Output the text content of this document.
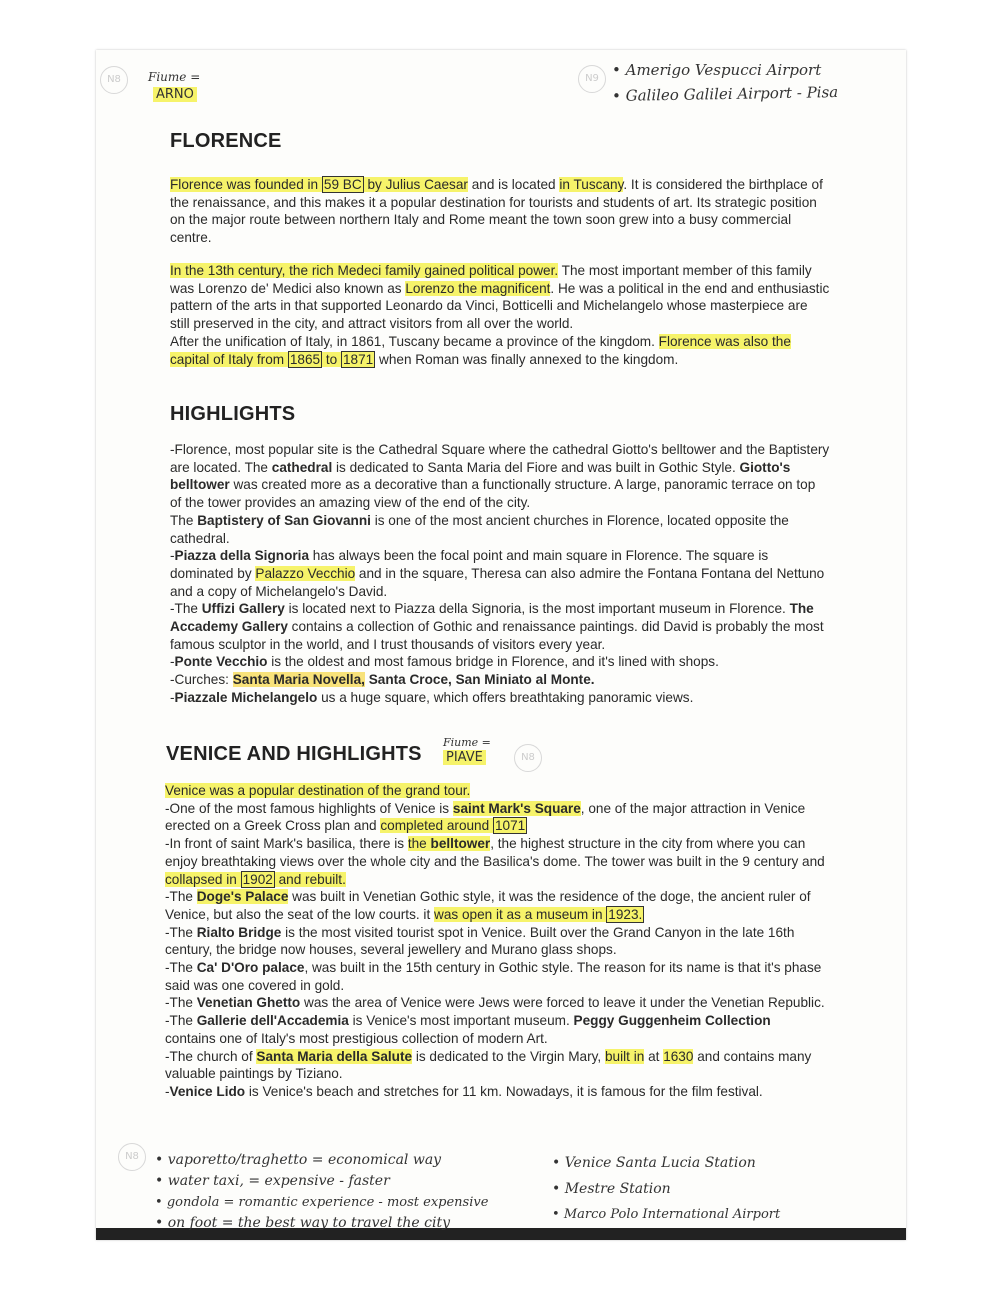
N8	Fiume =
ARNO
N9 • Amerigo Vespucci Airport
• Galileo Galilei Airport - Pisa
FLORENCE

Florence was founded in 59 BC by Julius Caesar and is located in Tuscany. It is considered the birthplace of the renaissance, and this makes it a popular destination for tourists and students of art. Its strategic position on the major route between northern Italy and Rome meant the town soon grew into a busy commercial centre.

In the 13th century, the rich Medeci family gained political power. The most important member of this family was Lorenzo de' Medici also known as Lorenzo the magnificent. He was a political in the end and enthusiastic pattern of the arts in that supported Leonardo da Vinci, Botticelli and Michelangelo whose masterpiece are still preserved in the city, and attract visitors from all over the world.

After the unification of Italy, in 1861, Tuscany became a province of the kingdom. Florence was also the capital of Italy from 1865 to 1871 when Roman was finally annexed to the kingdom.

HIGHLIGHTS

-Florence, most popular site is the Cathedral Square where the cathedral Giotto's belltower and the Baptistery are located. The cathedral is dedicated to Santa Maria del Fiore and was built in Gothic Style. Giotto's belltower was created more as a decorative than a functionally structure. A large, panoramic terrace on top of the tower provides an amazing view of the end of the city.

The Baptistery of San Giovanni is one of the most ancient churches in Florence, located opposite the cathedral.

-Piazza della Signoria has always been the focal point and main square in Florence. The square is dominated by Palazzo Vecchio and in the square, Theresa can also admire the Fontana Fontana del Nettuno and a copy of Michelangelo's David.

-The Uffizi Gallery is located next to Piazza della Signoria, is the most important museum in Florence. The Accademy Gallery contains a collection of Gothic and renaissance paintings. did David is probably the most famous sculptor in the world, and I trust thousands of visitors every year.

-Ponte Vecchio is the oldest and most famous bridge in Florence, and it's lined with shops.

-Curches: Santa Maria Novella, Santa Croce, San Miniato al Monte.

-Piazzale Michelangelo us a huge square, which offers breathtaking panoramic views.

VENICE AND HIGHLIGHTS
Fiume =
PIAVE	N8

Venice was a popular destination of the grand tour.

-One of the most famous highlights of Venice is saint Mark's Square, one of the major attraction in Venice erected on a Greek Cross plan and completed around 1071

-In front of saint Mark's basilica, there is the belltower, the highest structure in the city from where you can enjoy breathtaking views over the whole city and the Basilica's dome. The tower was built in the 9 century and collapsed in 1902 and rebuilt.

-The Doge's Palace was built in Venetian Gothic style, it was the residence of the doge, the ancient ruler of Venice, but also the seat of the low courts. it was open it as a museum in 1923.

-The Rialto Bridge is the most visited tourist spot in Venice. Built over the Grand Canyon in the late 16th century, the bridge now houses, several jewellery and Murano glass shops.

-The Ca' D'Oro palace, was built in the 15th century in Gothic style. The reason for its name is that it's phase said was one covered in gold.

-The Venetian Ghetto was the area of Venice were Jews were forced to leave it under the Venetian Republic.

-The Gallerie dell'Accademia is Venice's most important museum. Peggy Guggenheim Collection contains one of Italy's most prestigious collection of modern Art.

-The church of Santa Maria della Salute is dedicated to the Virgin Mary, built in at 1630 and contains many valuable paintings by Tiziano.

-Venice Lido is Venice's beach and stretches for 11 km. Nowadays, it is famous for the film festival.

N8	• vaporetto/traghetto = economical way
• water taxi, = expensive - faster
• gondola = romantic experience - most expensive
• on foot = the best way to travel the city
• Venice Santa Lucia Station
• Mestre Station
• Marco Polo International Airport
